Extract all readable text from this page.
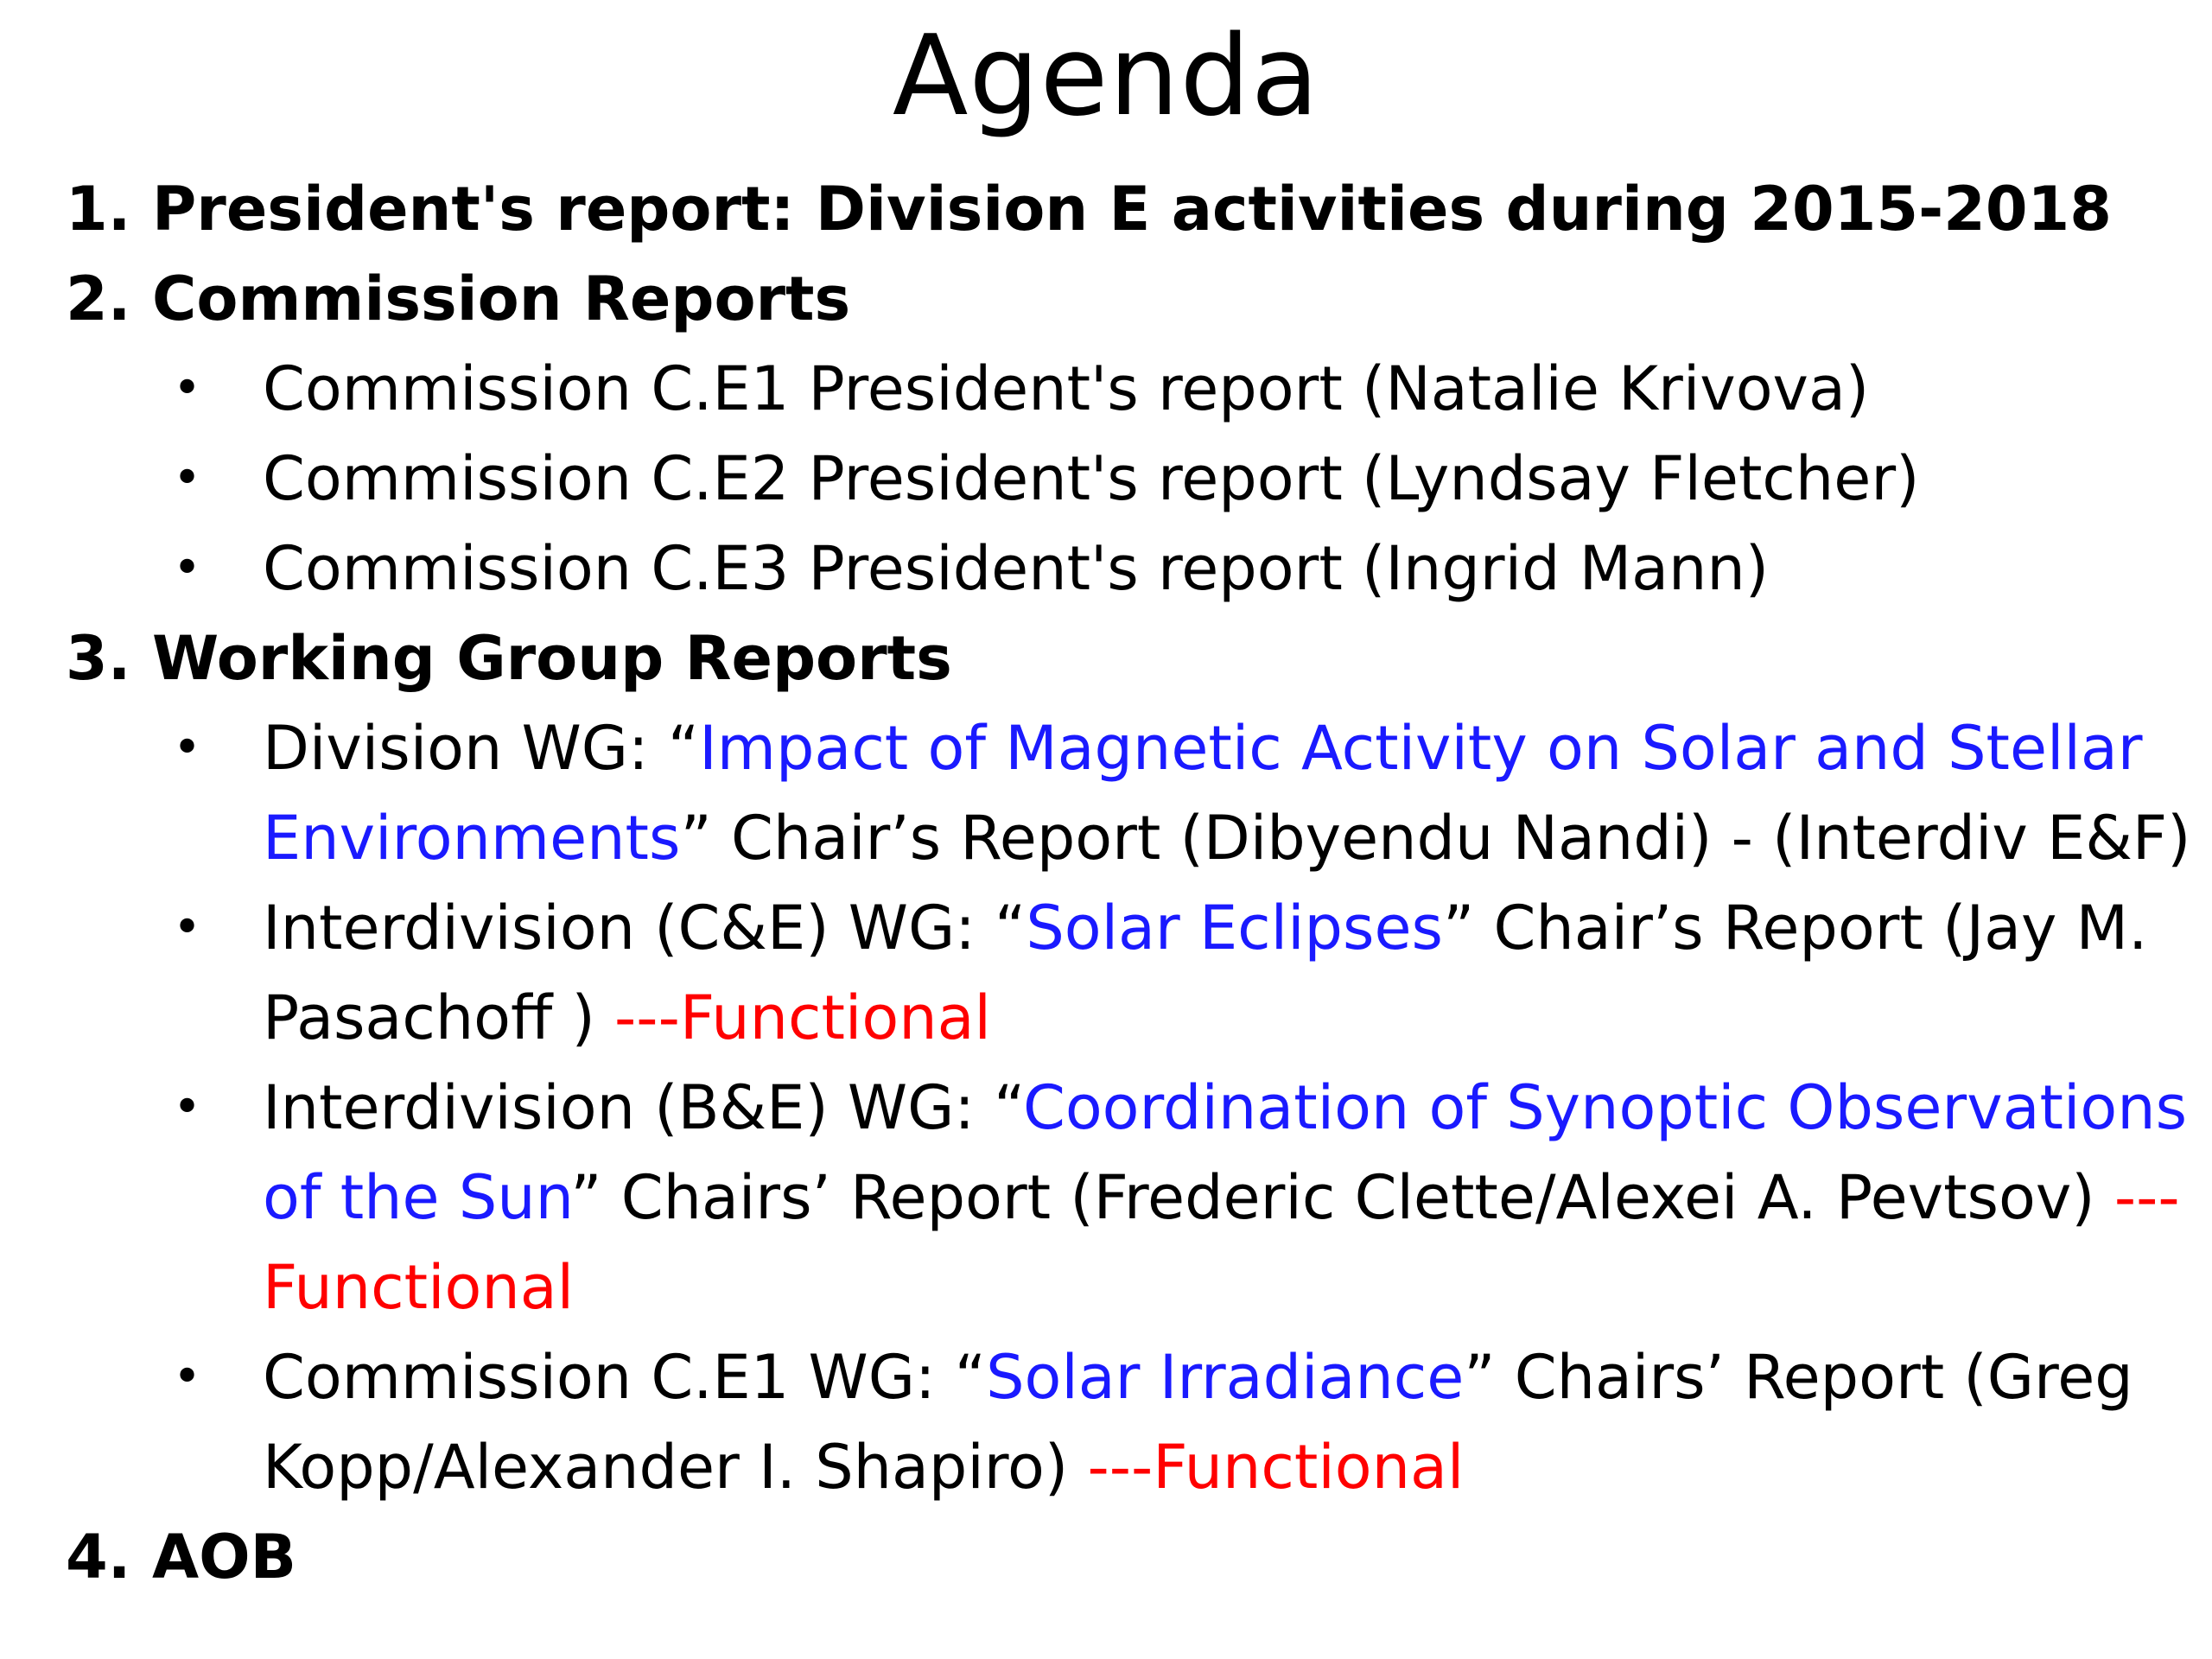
Agenda
1. President's report: Division E activities during 2015-2018
2. Commission Reports
•	Commission C.E1 President's report (Natalie Krivova)
•	Commission C.E2 President's report (Lyndsay Fletcher)
•	Commission C.E3 President's report (Ingrid Mann)
3. Working Group Reports
•	Division WG: “Impact of Magnetic Activity on Solar and Stellar Environments” Chair’s Report (Dibyendu Nandi) - (Interdiv E&F)
•	Interdivision (C&E) WG: “Solar Eclipses” Chair’s Report (Jay M. Pasachoff ) ---Functional
•	Interdivision (B&E) WG: “Coordination of Synoptic Observations of the Sun” Chairs’ Report (Frederic Clette/Alexei A. Pevtsov) ---Functional
•	Commission C.E1 WG: “Solar Irradiance” Chairs’ Report (Greg Kopp/Alexander I. Shapiro) ---Functional
4. AOB
